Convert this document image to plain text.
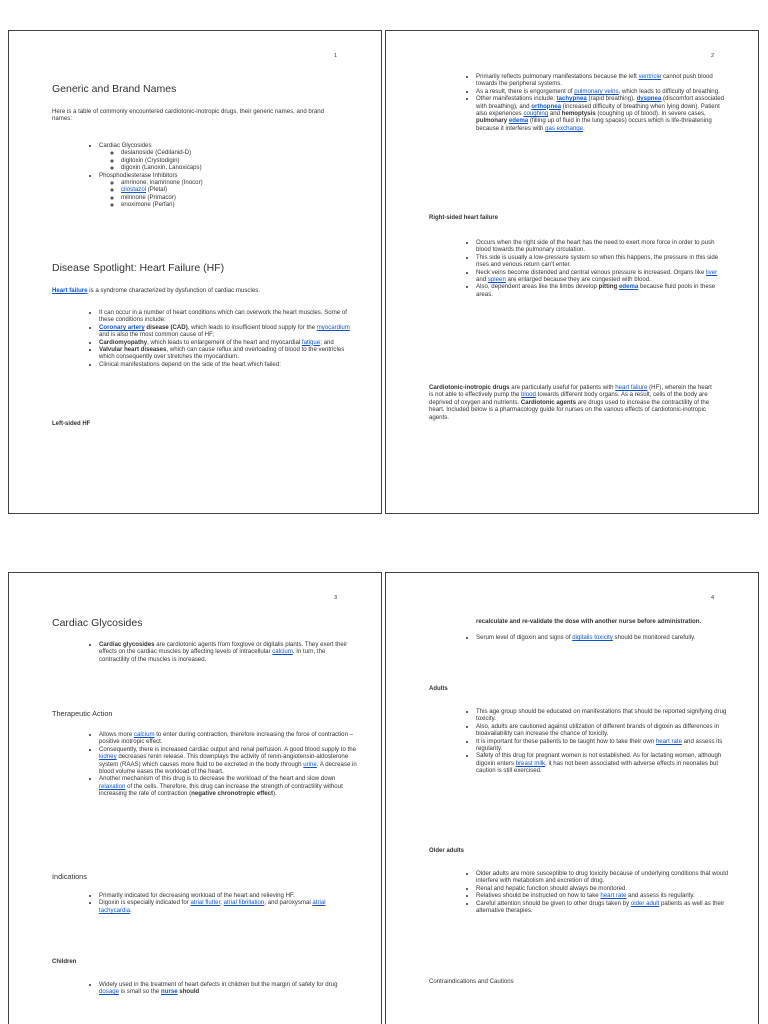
1
Generic and Brand Names
Here is a table of commonly encountered cardiotonic-inotropic drugs, their generic names, and brand names:
• Cardiac Glycosides
◦ deslanoside (Cedilanid-D)
◦ digitoxin (Crystodigin)
◦ digoxin (Lanoxin, Lanoxicaps)
• Phosphodiesterase Inhibitors
◦ amrinone, inamrinone (Inocor)
◦ cilostazol (Pletal)
◦ milrinone (Primacor)
◦ enoximone (Perfan)
Disease Spotlight: Heart Failure (HF)
Heart failure is a syndrome characterized by dysfunction of cardiac muscles.
• It can occur in a number of heart conditions which can overwork the heart muscles. Some of these conditions include:
• Coronary artery disease (CAD), which leads to insufficient blood supply for the myocardium and is also the most common cause of HF;
• Cardiomyopathy, which leads to enlargement of the heart and myocardial fatigue; and
• Valvular heart diseases, which can cause reflux and overloading of blood to the ventricles which consequently over stretches the myocardium.
• Clinical manifestations depend on the side of the heart which failed:
Left-sided HF
2
• Primarily reflects pulmonary manifestations because the left ventricle cannot push blood towards the peripheral systems.
• As a result, there is engorgement of pulmonary veins, which leads to difficulty of breathing.
• Other manifestations include: tachypnea (rapid breathing), dyspnea (discomfort associated with breathing), and orthopnea (increased difficulty of breathing when lying down). Patient also experiences coughing and hemoptysis (coughing up of blood). In severe cases, pulmonary edema (filling up of fluid in the lung spaces) occurs which is life-threatening because it interferes with gas exchange.
Right-sided heart failure
• Occurs when the right side of the heart has the need to exert more force in order to push blood towards the pulmonary circulation.
• This side is usually a low-pressure system so when this happens, the pressure in this side rises and venous return can't enter.
• Neck veins become distended and central venous pressure is increased. Organs like liver and spleen are enlarged because they are congested with blood.
• Also, dependent areas like the limbs develop pitting edema because fluid pools in these areas.
Cardiotonic-inotropic drugs are particularly useful for patients with heart failure (HF), wherein the heart is not able to effectively pump the blood towards different body organs. As a result, cells of the body are deprived of oxygen and nutrients. Cardiotonic agents are drugs used to increase the contractility of the heart. Included below is a pharmacology guide for nurses on the various effects of cardiotonic-inotropic agents.
3
Cardiac Glycosides
• Cardiac glycosides are cardiotonic agents from foxglove or digitalis plants. They exert their effects on the cardiac muscles by affecting levels of intracellular calcium. In turn, the contractility of the muscles is increased.
Therapeutic Action
• Allows more calcium to enter during contraction, therefore increasing the force of contraction – positive inotropic effect.
• Consequently, there is increased cardiac output and renal perfusion. A good blood supply to the kidney decreases renin release. This downplays the activity of renin-angiotensin-aldosterone system (RAAS) which causes more fluid to be excreted in the body through urine. A decrease in blood volume eases the workload of the heart.
• Another mechanism of this drug is to decrease the workload of the heart and slow down relaxation of the cells. Therefore, this drug can increase the strength of contractility without increasing the rate of contraction (negative chronotropic effect).
Indications
• Primarily indicated for decreasing workload of the heart and relieving HF.
• Digoxin is especially indicated for atrial flutter, atrial fibrillation, and paroxysmal atrial tachycardia.
Children
• Widely used in the treatment of heart defects in children but the margin of safety for drug dosage is small so the nurse should
4
recalculate and re-validate the dose with another nurse before administration.
• Serum level of digoxin and signs of digitalis toxicity should be monitored carefully.
Adults
• This age group should be educated on manifestations that should be reported signifying drug toxicity.
• Also, adults are cautioned against utilization of different brands of digoxin as differences in bioavailability can increase the chance of toxicity.
• It is important for these patients to be taught how to take their own heart rate and assess its regularity.
• Safety of this drug for pregnant women is not established. As for lactating women, although digoxin enters breast milk, it has not been associated with adverse effects in neonates but caution is still exercised.
Older adults
• Older adults are more susceptible to drug toxicity because of underlying conditions that would interfere with metabolism and excretion of drug.
• Renal and hepatic function should always be monitored.
• Relatives should be instructed on how to take heart rate and assess its regularity.
• Careful attention should be given to other drugs taken by older adult patients as well as their alternative therapies.
Contraindications and Cautions
